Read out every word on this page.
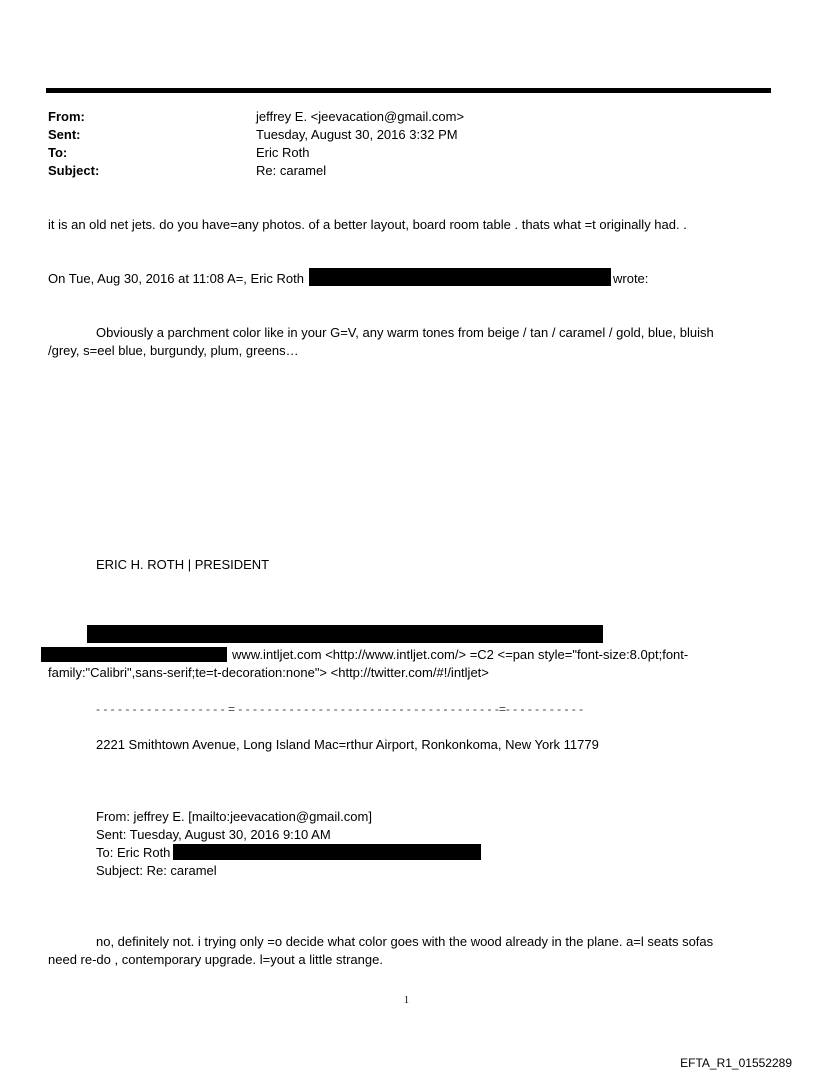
From:	jeffrey E. <jeevacation@gmail.com>
Sent:	Tuesday, August 30, 2016 3:32 PM
To:	Eric Roth
Subject:	Re: caramel
it is an old net jets. do you have=any photos. of a better layout, board room table . thats what =t originally had. .
On Tue, Aug 30, 2016 at 11:08 A=, Eric Roth	wrote:
Obviously a parchment color like in your G=V, any warm tones from beige / tan / caramel / gold, blue, bluish
/grey, s=eel blue, burgundy, plum, greens…
ERIC H. ROTH | PRESIDENT
www.intljet.com <http://www.intljet.com/> =C2 <=pan style="font-size:8.0pt;font-
family:"Calibri",sans-serif;te=t-decoration:none"> <http://twitter.com/#!/intljet>
- - - - - - - - - - - - - - - - - - = - - - - - - - - - - - - - - - - - - - - - - - - - - - - - - - - - - - -=- - - - - - - - - - -
2221 Smithtown Avenue, Long Island Mac=rthur Airport, Ronkonkoma, New York 11779
From: jeffrey E. [mailto:jeevacation@gmail.com]
Sent: Tuesday, August 30, 2016 9:10 AM
To: Eric Roth
Subject: Re: caramel
no, definitely not. i trying only =o decide what color goes with the wood already in the plane. a=l seats sofas
need re-do , contemporary upgrade. l=yout a little strange.
1
EFTA_R1_01552289
